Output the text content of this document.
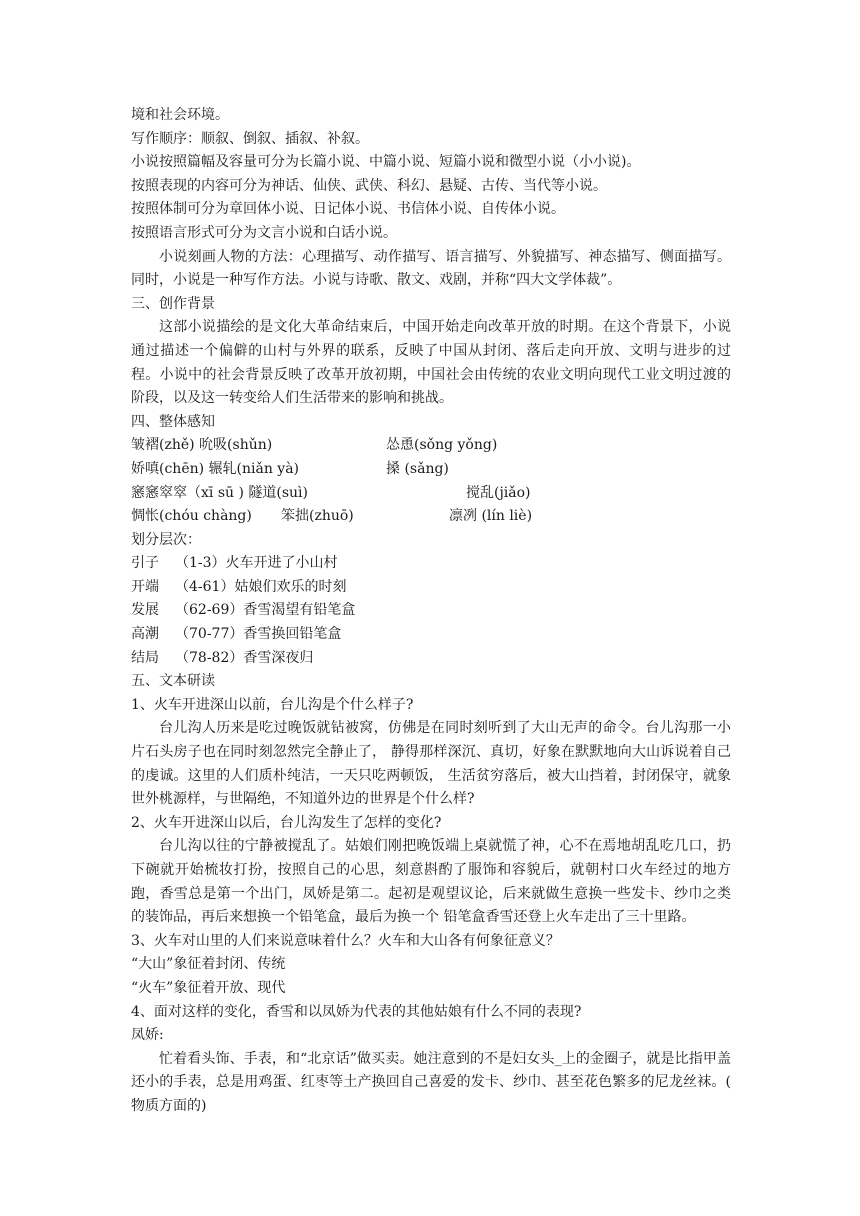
境和社会环境。
写作顺序：顺叙、倒叙、插叙、补叙。
小说按照篇幅及容量可分为长篇小说、中篇小说、短篇小说和微型小说（小小说)。
按照表现的内容可分为神话、仙侠、武侠、科幻、悬疑、古传、当代等小说。
按照体制可分为章回体小说、日记体小说、书信体小说、自传体小说。
按照语言形式可分为文言小说和白话小说。
小说刻画人物的方法：心理描写、动作描写、语言描写、外貌描写、神态描写、侧面描写。同时，小说是一种写作方法。小说与诗歌、散文、戏剧，并称“四大文学体裁”。
三、创作背景
这部小说描绘的是文化大革命结束后，中国开始走向改革开放的时期。在这个背景下，小说通过描述一个偏僻的山村与外界的联系，反映了中国从封闭、落后走向开放、文明与进步的过程。小说中的社会背景反映了改革开放初期，中国社会由传统的农业文明向现代工业文明过渡的阶段，以及这一转变给人们生活带来的影响和挑战。
四、整体感知
皱褶(zhě) 吮吸(shǔn)	怂恿(sǒng yǒng)
娇嗔(chēn) 辗轧(niǎn yà)	搡 (sǎng)
窸窸窣窣（xī sū ) 隧道(suì)	搅乱(jiǎo)
惆怅(chóu chàng)	笨拙(zhuō)	凛冽 (lín liè)
划分层次：
引子	（1-3） 火车开进了小山村
开端	（4-61） 姑娘们欢乐的时刻
发展	（62-69） 香雪渴望有铅笔盒
高潮	（70-77） 香雪换回铅笔盒
结局	（78-82） 香雪深夜归
五、文本研读
1、火车开进深山以前，台儿沟是个什么样子?
台儿沟人历来是吃过晚饭就钻被窝，仿佛是在同时刻听到了大山无声的命令。台儿沟那一小片石头房子也在同时刻忽然完全静止了， 静得那样深沉、真切，好象在默默地向大山诉说着自己的虔诚。这里的人们质朴纯洁，一天只吃两顿饭， 生活贫穷落后，被大山挡着，封闭保守，就象世外桃源样，与世隔绝，不知道外边的世界是个什么样?
2、火车开进深山以后，台儿沟发生了怎样的变化?
台儿沟以往的宁静被搅乱了。姑娘们刚把晚饭端上桌就慌了神，心不在焉地胡乱吃几口，扔下碗就开始梳妆打扮，按照自己的心思，刻意斟酌了服饰和容貌后，就朝村口火车经过的地方跑，香雪总是第一个出门，凤娇是第二。起初是观望议论，后来就做生意换一些发卡、纱巾之类的装饰品，再后来想换一个铅笔盒，最后为换一个 铅笔盒香雪还登上火车走出了三十里路。
3、火车对山里的人们来说意味着什么？火车和大山各有何象征意义？
“大山”象征着封闭、传统
“火车”象征着开放、现代
4、面对这样的变化，香雪和以凤娇为代表的其他姑娘有什么不同的表现?
凤娇:
忙着看头饰、手表，和“北京话”做买卖。她注意到的不是妇女头_上的金圈子，就是比指甲盖还小的手表，总是用鸡蛋、红枣等土产换回自己喜爱的发卡、纱巾、甚至花色繁多的尼龙丝袜。( 物质方面的)
